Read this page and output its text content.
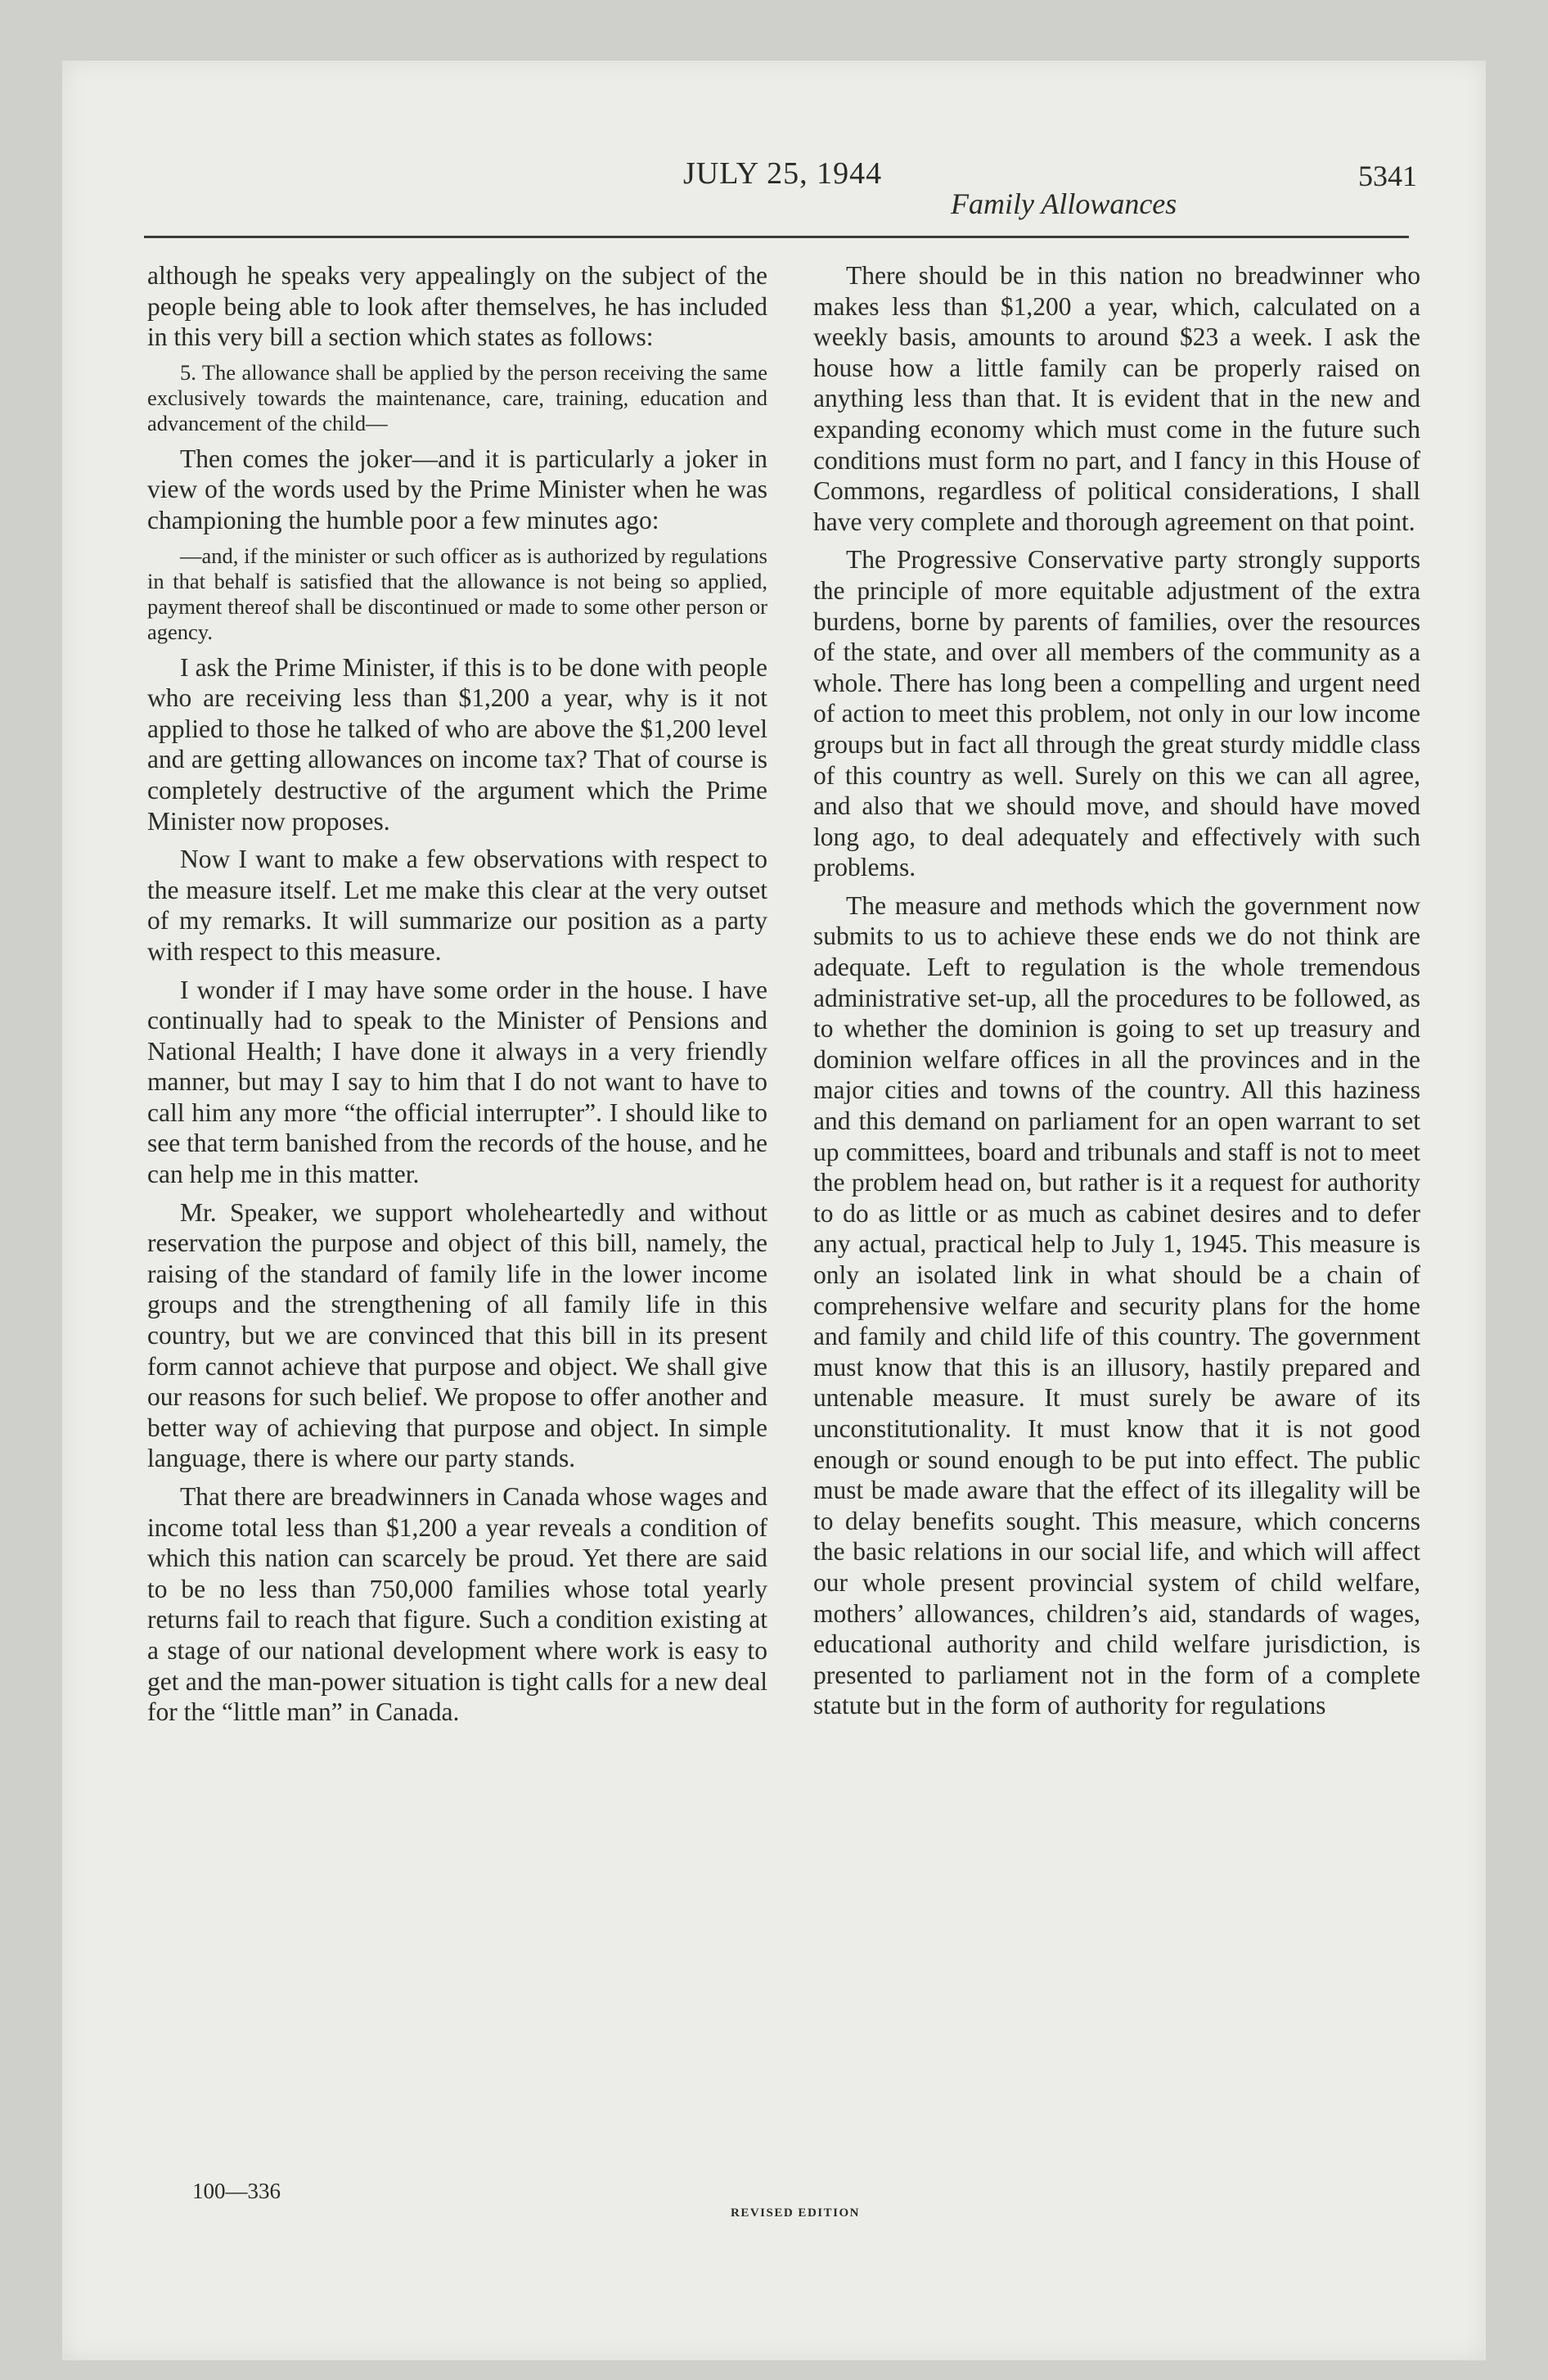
JULY 25, 1944
Family Allowances
5341

although he speaks very appealingly on the subject of the people being able to look after themselves, he has included in this very bill a section which states as follows:

5. The allowance shall be applied by the person receiving the same exclusively towards the maintenance, care, training, education and advancement of the child—

Then comes the joker—and it is particularly a joker in view of the words used by the Prime Minister when he was championing the humble poor a few minutes ago:

—and, if the minister or such officer as is authorized by regulations in that behalf is satisfied that the allowance is not being so applied, payment thereof shall be discontinued or made to some other person or agency.

I ask the Prime Minister, if this is to be done with people who are receiving less than $1,200 a year, why is it not applied to those he talked of who are above the $1,200 level and are getting allowances on income tax? That of course is completely destructive of the argument which the Prime Minister now proposes.

Now I want to make a few observations with respect to the measure itself. Let me make this clear at the very outset of my remarks. It will summarize our position as a party with respect to this measure.

I wonder if I may have some order in the house. I have continually had to speak to the Minister of Pensions and National Health; I have done it always in a very friendly manner, but may I say to him that I do not want to have to call him any more “the official interrupter”. I should like to see that term banished from the records of the house, and he can help me in this matter.

Mr. Speaker, we support wholeheartedly and without reservation the purpose and object of this bill, namely, the raising of the standard of family life in the lower income groups and the strengthening of all family life in this country, but we are convinced that this bill in its present form cannot achieve that purpose and object. We shall give our reasons for such belief. We propose to offer another and better way of achieving that purpose and object. In simple language, there is where our party stands.

That there are breadwinners in Canada whose wages and income total less than $1,200 a year reveals a condition of which this nation can scarcely be proud. Yet there are said to be no less than 750,000 families whose total yearly returns fail to reach that figure. Such a condition existing at a stage of our national development where work is easy to get and the man-power situation is tight calls for a new deal for the “little man” in Canada.

There should be in this nation no breadwinner who makes less than $1,200 a year, which, calculated on a weekly basis, amounts to around $23 a week. I ask the house how a little family can be properly raised on anything less than that. It is evident that in the new and expanding economy which must come in the future such conditions must form no part, and I fancy in this House of Commons, regardless of political considerations, I shall have very complete and thorough agreement on that point.

The Progressive Conservative party strongly supports the principle of more equitable adjustment of the extra burdens, borne by parents of families, over the resources of the state, and over all members of the community as a whole. There has long been a compelling and urgent need of action to meet this problem, not only in our low income groups but in fact all through the great sturdy middle class of this country as well. Surely on this we can all agree, and also that we should move, and should have moved long ago, to deal adequately and effectively with such problems.

The measure and methods which the government now submits to us to achieve these ends we do not think are adequate. Left to regulation is the whole tremendous administrative set-up, all the procedures to be followed, as to whether the dominion is going to set up treasury and dominion welfare offices in all the provinces and in the major cities and towns of the country. All this haziness and this demand on parliament for an open warrant to set up committees, board and tribunals and staff is not to meet the problem head on, but rather is it a request for authority to do as little or as much as cabinet desires and to defer any actual, practical help to July 1, 1945. This measure is only an isolated link in what should be a chain of comprehensive welfare and security plans for the home and family and child life of this country. The government must know that this is an illusory, hastily prepared and untenable measure. It must surely be aware of its unconstitutionality. It must know that it is not good enough or sound enough to be put into effect. The public must be made aware that the effect of its illegality will be to delay benefits sought. This measure, which concerns the basic relations in our social life, and which will affect our whole present provincial system of child welfare, mothers’ allowances, children’s aid, standards of wages, educational authority and child welfare jurisdiction, is presented to parliament not in the form of a complete statute but in the form of authority for regulations

100—336
REVISED EDITION
